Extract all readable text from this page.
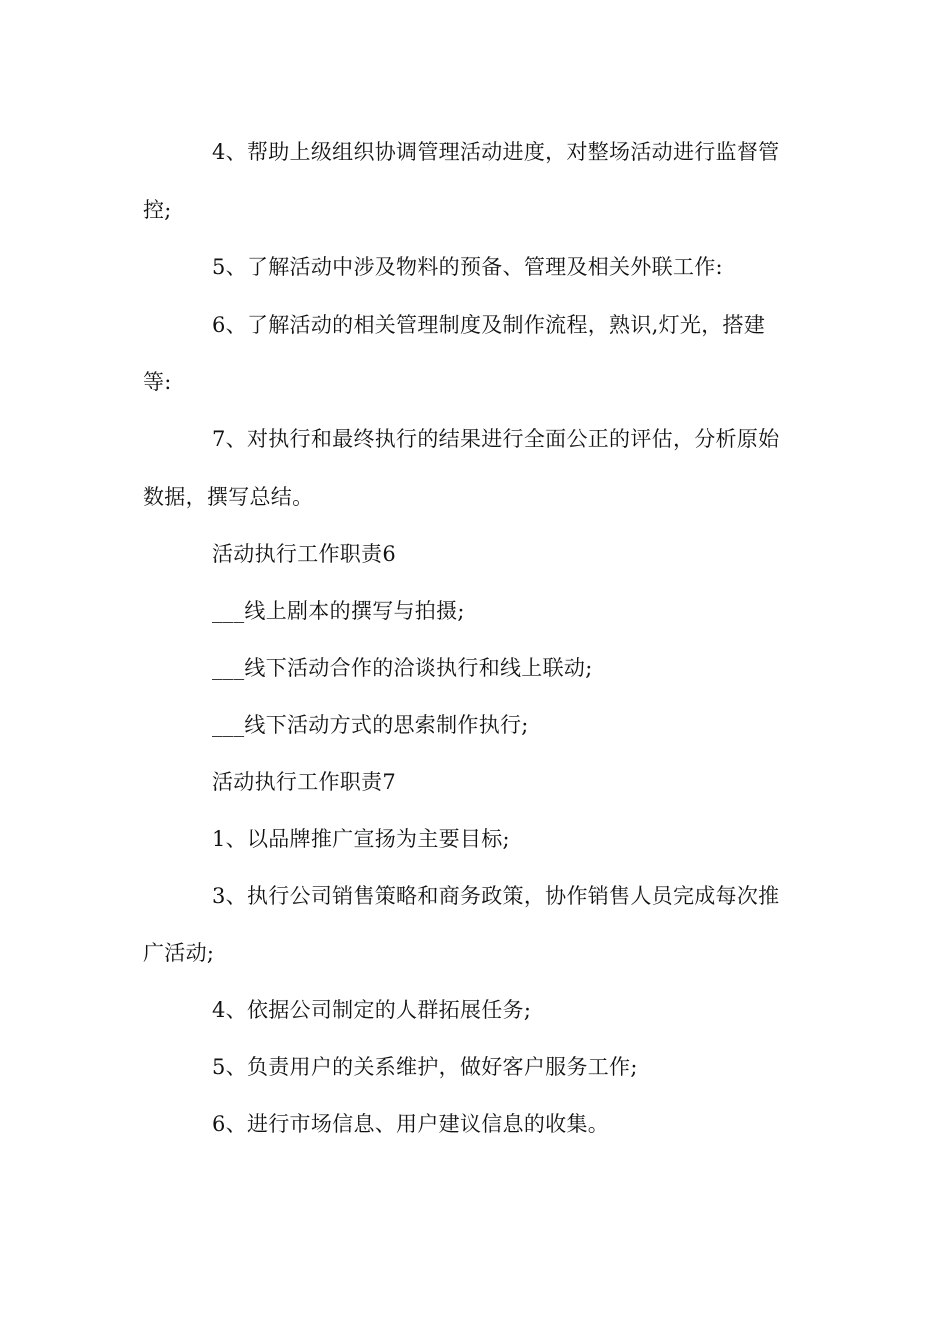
4、帮助上级组织协调管理活动进度，对整场活动进行监督管
控;
5、了解活动中涉及物料的预备、管理及相关外联工作:
6、了解活动的相关管理制度及制作流程，熟识,灯光，搭建
等:
7、对执行和最终执行的结果进行全面公正的评估，分析原始
数据，撰写总结。
活动执行工作职责6
___线上剧本的撰写与拍摄;
___线下活动合作的洽谈执行和线上联动;
___线下活动方式的思索制作执行;
活动执行工作职责7
1、以品牌推广宣扬为主要目标;
3、执行公司销售策略和商务政策，协作销售人员完成每次推
广活动;
4、依据公司制定的人群拓展任务;
5、负责用户的关系维护，做好客户服务工作;
6、进行市场信息、用户建议信息的收集。
